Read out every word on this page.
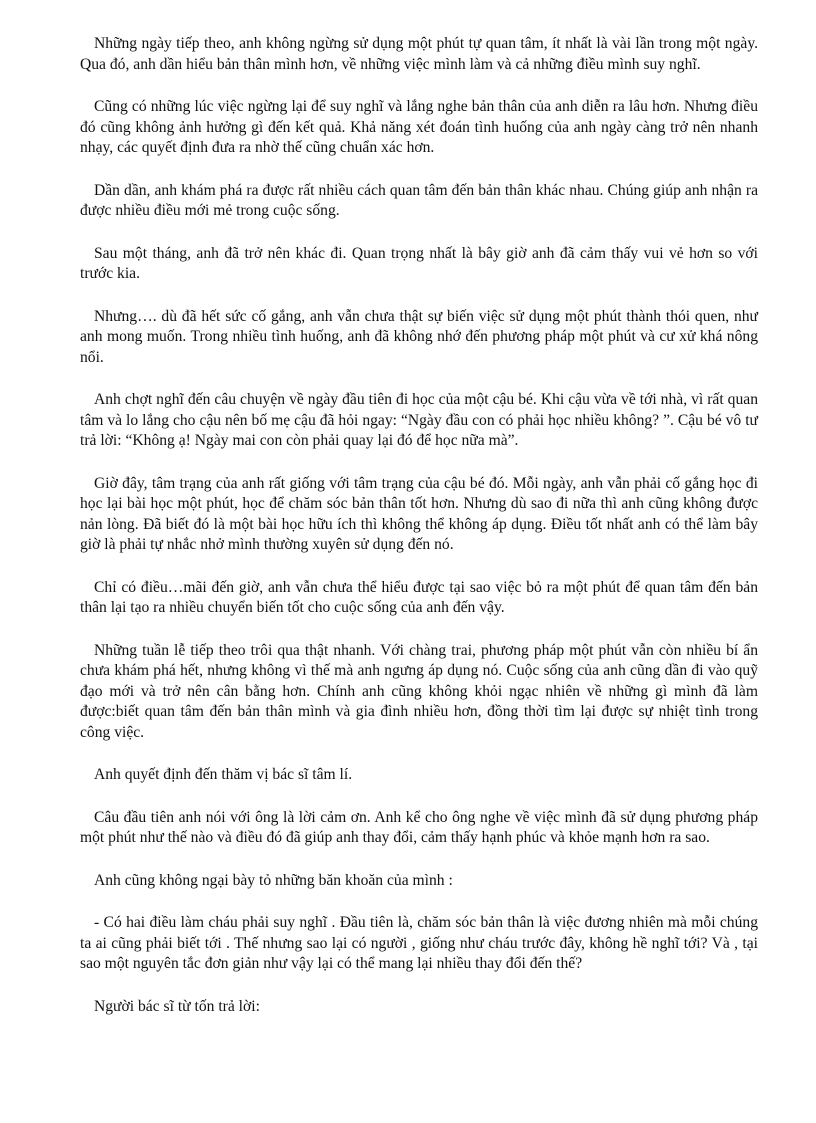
Những ngày tiếp theo, anh không ngừng sử dụng một phút tự quan tâm, ít nhất là vài lần trong một ngày. Qua đó, anh dần hiểu bản thân mình hơn, về những việc mình làm và cả những điều mình suy nghĩ.

Cũng có những lúc việc ngừng lại để suy nghĩ và lắng nghe bản thân của anh diễn ra lâu hơn. Nhưng điều đó cũng không ảnh hưởng gì đến kết quả. Khả năng xét đoán tình huống của anh ngày càng trở nên nhanh nhạy, các quyết định đưa ra nhờ thế cũng chuẩn xác hơn.

Dần dần, anh khám phá ra được rất nhiều cách quan tâm đến bản thân khác nhau. Chúng giúp anh nhận ra được nhiều điều mới mẻ trong cuộc sống.

Sau một tháng, anh đã trở nên khác đi. Quan trọng nhất là bây giờ anh đã cảm thấy vui vẻ hơn so với trước kia.

Nhưng…. dù đã hết sức cố gắng, anh vẫn chưa thật sự biến việc sử dụng một phút thành thói quen, như anh mong muốn. Trong nhiều tình huống, anh đã không nhớ đến phương pháp một phút và cư xử khá nông nổi.

Anh chợt nghĩ đến câu chuyện về ngày đầu tiên đi học của một cậu bé. Khi cậu vừa về tới nhà, vì rất quan tâm và lo lắng cho cậu nên bố mẹ cậu đã hỏi ngay: “Ngày đầu con có phải học nhiều không? ”. Cậu bé vô tư trả lời: “Không ạ! Ngày mai con còn phải quay lại đó để học nữa mà”.

Giờ đây, tâm trạng của anh rất giống với tâm trạng của cậu bé đó. Mỗi ngày, anh vẫn phải cố gắng học đi học lại bài học một phút, học để chăm sóc bản thân tốt hơn. Nhưng dù sao đi nữa thì anh cũng không được nản lòng. Đã biết đó là một bài học hữu ích thì không thể không áp dụng. Điều tốt nhất anh có thể làm bây giờ là phải tự nhắc nhở mình thường xuyên sử dụng đến nó.

Chỉ có điều…mãi đến giờ, anh vẫn chưa thể hiểu được tại sao việc bỏ ra một phút để quan tâm đến bản thân lại tạo ra nhiều chuyển biến tốt cho cuộc sống của anh đến vậy.

Những tuần lễ tiếp theo trôi qua thật nhanh. Với chàng trai, phương pháp một phút vẫn còn nhiều bí ẩn chưa khám phá hết, nhưng không vì thế mà anh ngưng áp dụng nó. Cuộc sống của anh cũng dần đi vào quỹ đạo mới và trở nên cân bằng hơn. Chính anh cũng không khỏi ngạc nhiên về những gì mình đã làm được:biết quan tâm đến bản thân mình và gia đình nhiều hơn, đồng thời tìm lại được sự nhiệt tình trong công việc.

Anh quyết định đến thăm vị bác sĩ tâm lí.

Câu đầu tiên anh nói với ông là lời cảm ơn. Anh kể cho ông nghe về việc mình đã sử dụng phương pháp một phút như thế nào và điều đó đã giúp anh thay đổi, cảm thấy hạnh phúc và khỏe mạnh hơn ra sao.

Anh cũng không ngại bày tỏ những băn khoăn của mình :

- Có hai điều làm cháu phải suy nghĩ . Đầu tiên là, chăm sóc bản thân là việc đương nhiên mà mỗi chúng ta ai cũng phải biết tới . Thế nhưng sao lại có người , giống như cháu trước đây, không hề nghĩ tới? Và , tại sao một nguyên tắc đơn giản như vậy lại có thể mang lại nhiều thay đổi đến thế?

Người bác sĩ từ tốn trả lời:
